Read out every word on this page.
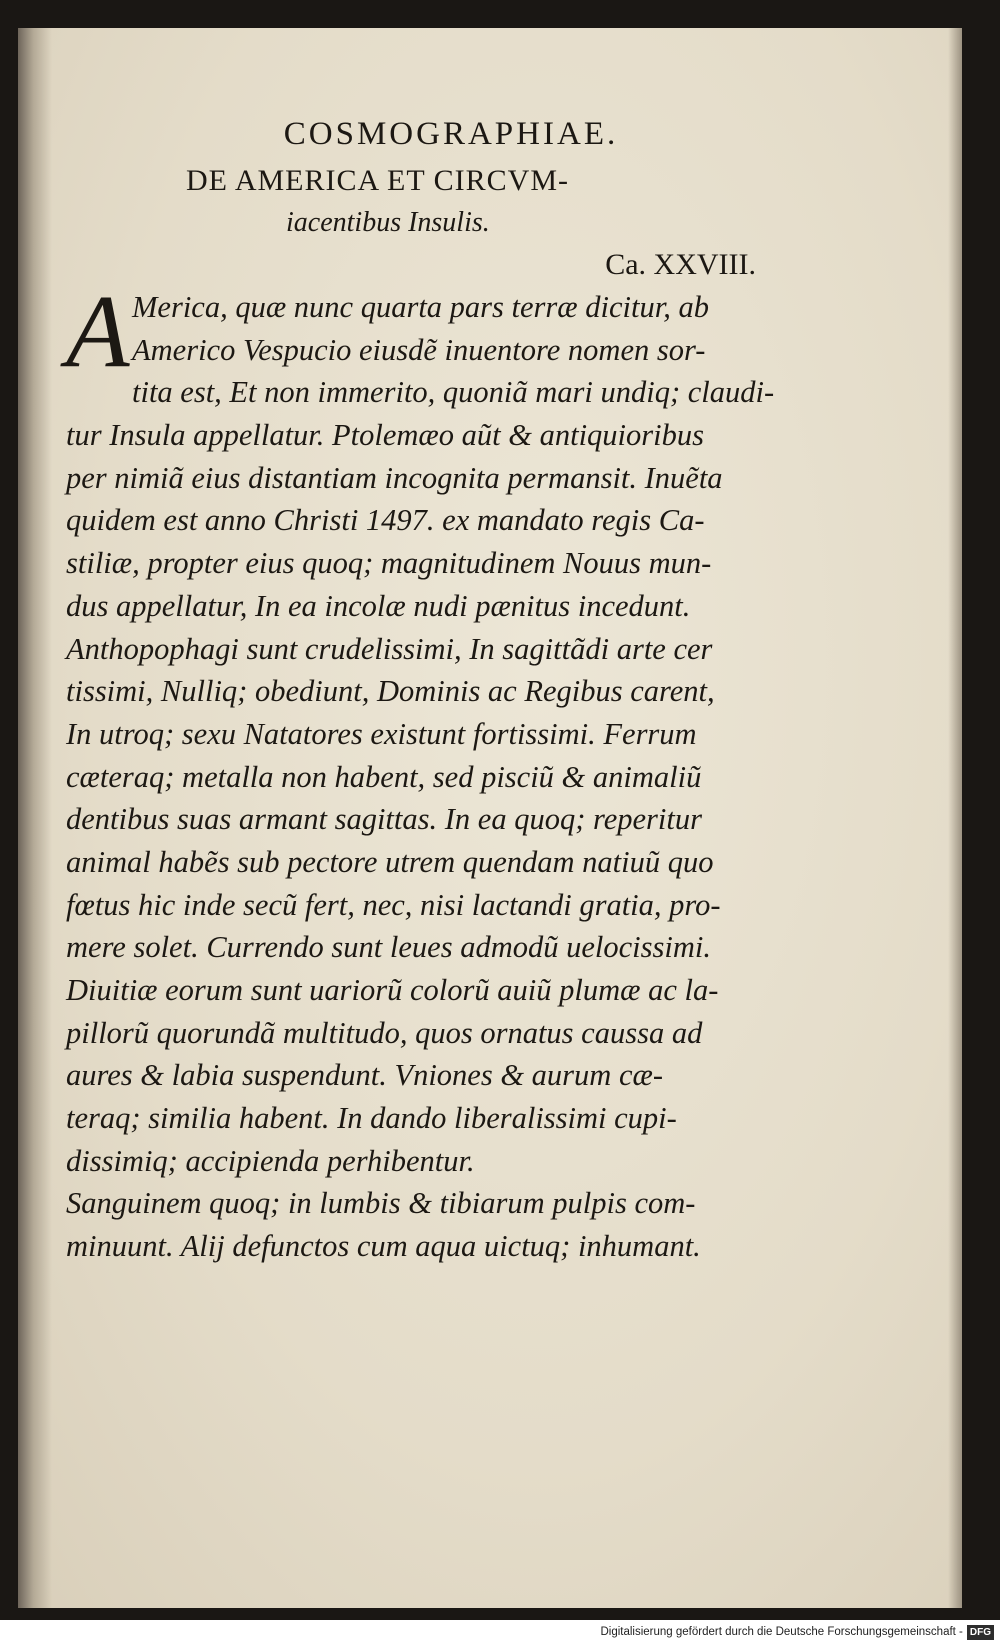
COSMOGRAPHIAE.
DE AMERICA ET CIRCVM-
iacentibus Insulis.
Ca. XXVIII.
A Merica, quæ nunc quarta pars terræ dicitur, ab
Americo Vespucio eiusdẽ inuentore nomen sor-
tita est, Et non immerito, quoniã mari undiq; claudi-
tur Insula appellatur. Ptolemæo aũt & antiquioribus
per nimiã eius distantiam incognita permansit. Inuẽta
quidem est anno Christi 1497. ex mandato regis Ca-
stiliæ, propter eius quoq; magnitudinem Nouus mun-
dus appellatur, In ea incolæ nudi pænitus incedunt.
Anthopophagi sunt crudelissimi, In sagittãdi arte cer
tissimi, Nulliq; obediunt, Dominis ac Regibus carent,
In utroq; sexu Natatores existunt fortissimi. Ferrum
cæteraq; metalla non habent, sed pisciũ & animaliũ
dentibus suas armant sagittas. In ea quoq; reperitur
animal habẽs sub pectore utrem quendam natiuũ quo
fœtus hic inde secũ fert, nec, nisi lactandi gratia, pro-
mere solet. Currendo sunt leues admodũ uelocissimi.
Diuitiæ eorum sunt uariorũ colorũ auiũ plumæ ac la-
pillorũ quorundã multitudo, quos ornatus caussa ad
aures & labia suspendunt. Vniones & aurum cæ-
teraq; similia habent. In dando liberalissimi cupi-
dissimiq; accipienda perhibentur.
Sanguinem quoq; in lumbis & tibiarum pulpis com-
minuunt. Alij defunctos cum aqua uictuq; inhumant.
Digitalisierung gefördert durch die Deutsche Forschungsgemeinschaft - DFG
